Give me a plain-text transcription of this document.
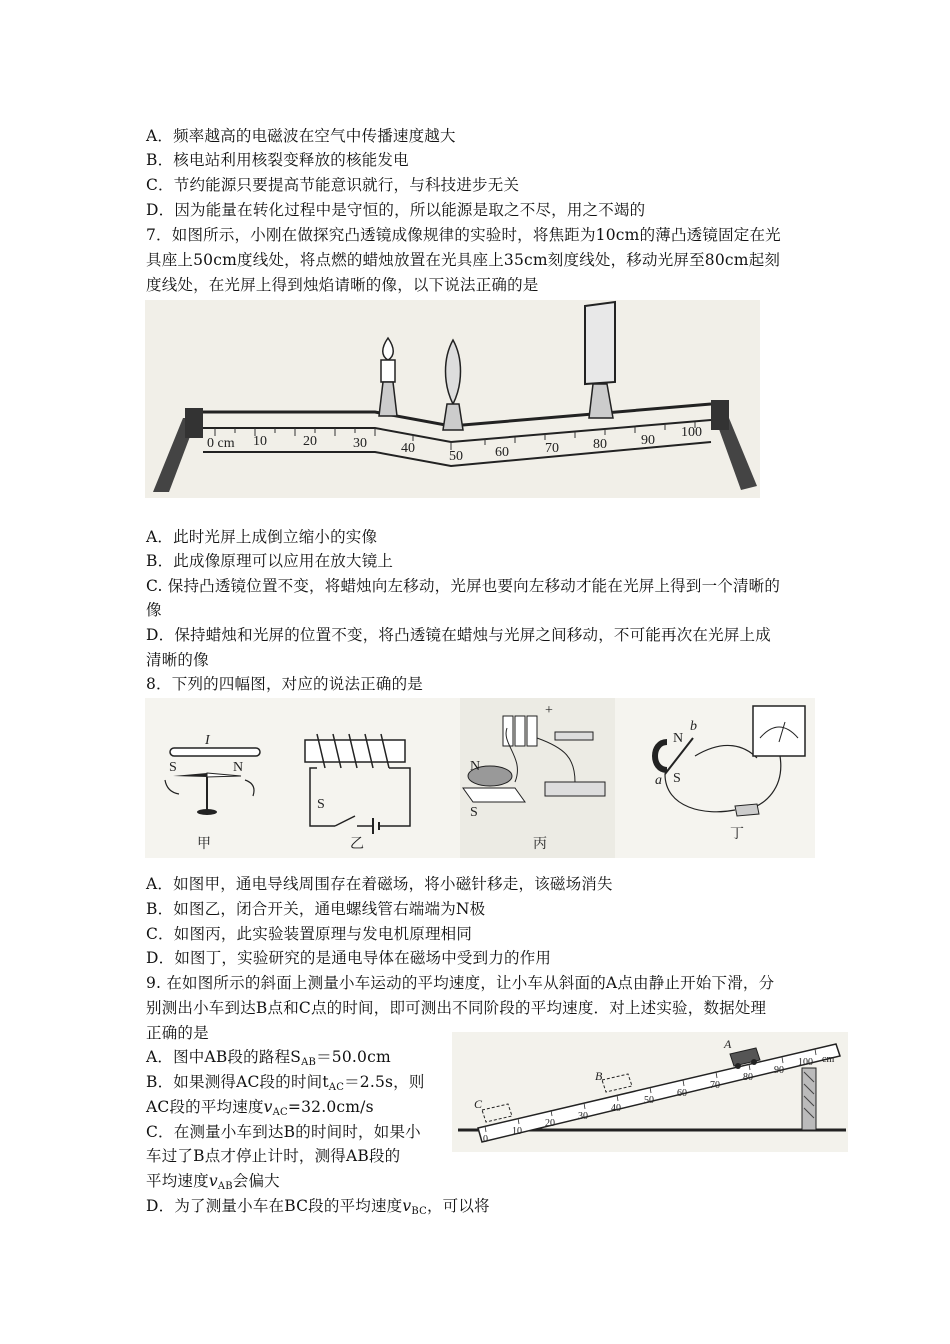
A．频率越高的电磁波在空气中传播速度越大
B．核电站利用核裂变释放的核能发电
C．节约能源只要提高节能意识就行，与科技进步无关
D．因为能量在转化过程中是守恒的，所以能源是取之不尽，用之不竭的
7．如图所示，小刚在做探究凸透镜成像规律的实验时，将焦距为10cm的薄凸透镜固定在光
具座上50cm度线处，将点燃的蜡烛放置在光具座上35cm刻度线处，移动光屏至80cm起刻
度线处，在光屏上得到烛焰请晰的像，以下说法正确的是
0 cm 10	20	30 40
50 60	70 80 90
100
A．此时光屏上成倒立缩小的实像
B．此成像原理可以应用在放大镜上
C. 保持凸透镜位置不变，将蜡烛向左移动，光屏也要向左移动才能在光屏上得到一个清晰的
像
D．保持蜡烛和光屏的位置不变，将凸透镜在蜡烛与光屏之间移动，不可能再次在光屏上成
清晰的像
8．下列的四幅图，对应的说法正确的是
I
S	N
甲
S
乙
+
N
S
丙
N
S
b
a
丁
A．如图甲，通电导线周围存在着磁场，将小磁针移走，该磁场消失
B．如图乙，闭合开关，通电螺线管右端端为N极
C．如图丙，此实验装置原理与发电机原理相同
D．如图丁，实验研究的是通电导体在磁场中受到力的作用
9. 在如图所示的斜面上测量小车运动的平均速度，让小车从斜面的A点由静止开始下滑，分
别测出小车到达B点和C点的时间，即可测出不同阶段的平均速度．对上述实验，数据处理
正确的是
A．图中AB段的路程$S_{AB}=50.0cm$
B．如果测得AC段的时间$t_{AC}=2.5s$，则
AC段的平均速度$v_{AC}=32.0cm/s$
C．在测量小车到达B的时间时，如果小
车过了B点才停止计时，测得AB段的
平均速度$v_{AB}$会偏大
D．为了测量小车在BC段的平均速度$v_{BC}$，可以将
0
10
20
30
40
50
60
70
80
90
100 cm
A
B
C
